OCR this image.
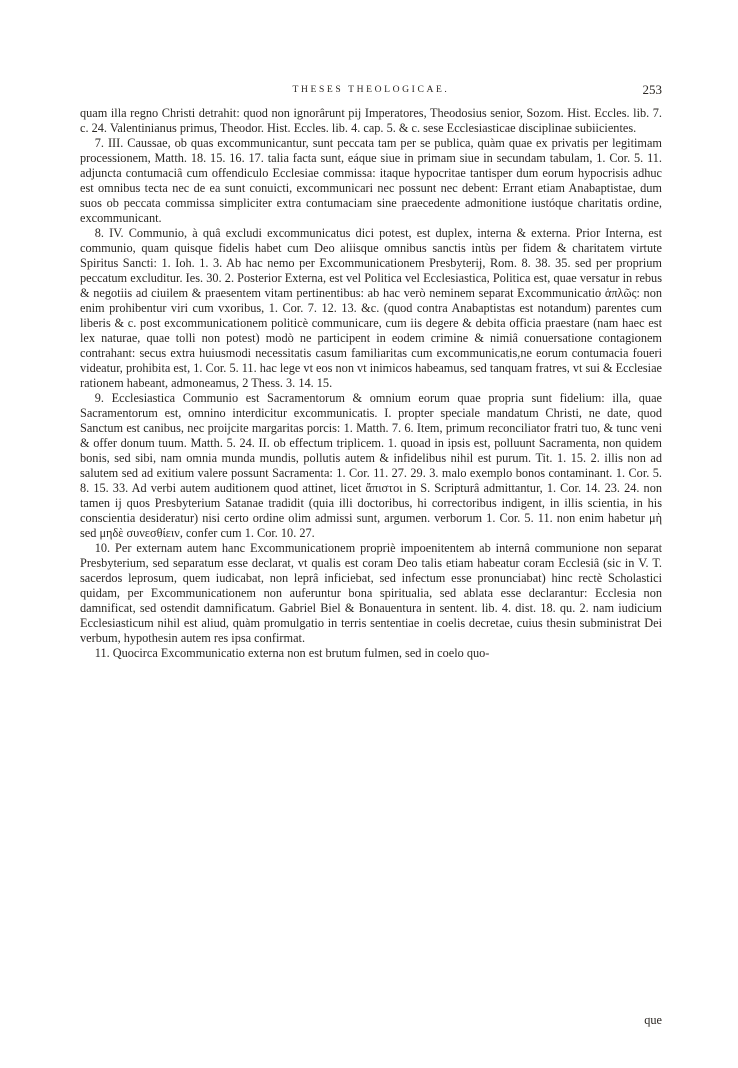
THESES THEOLOGICAE.	253

quam illa regno Christi detrahit: quod non ignorârunt pij Imperatores, Theodosius senior, Sozom. Hist. Eccles. lib. 7. c. 24. Valentinianus primus, Theodor. Hist. Eccles. lib. 4. cap. 5. & c. sese Ecclesiasticae disciplinae subiicientes.

7. III. Caussae, ob quas excommunicantur, sunt peccata tam per se publica, quàm quae ex privatis per legitimam processionem, Matth. 18. 15. 16. 17. talia facta sunt, eáque siue in primam siue in secundam tabulam, 1. Cor. 5. 11. adjuncta contumaciâ cum offendiculo Ecclesiae commissa: itaque hypocritae tantisper dum eorum hypocrisis adhuc est omnibus tecta nec de ea sunt conuicti, excommunicari nec possunt nec debent: Errant etiam Anabaptistae, dum suos ob peccata commissa simpliciter extra contumaciam sine praecedente admonitione iustóque charitatis ordine, excommunicant.

8. IV. Communio, à quâ excludi excommunicatus dici potest, est duplex, interna & externa. Prior Interna, est communio, quam quisque fidelis habet cum Deo aliisque omnibus sanctis intùs per fidem & charitatem virtute Spiritus Sancti: 1. Ioh. 1. 3. Ab hac nemo per Excommunicationem Presbyterij, Rom. 8. 38. 35. sed per proprium peccatum excluditur. Ies. 30. 2. Posterior Externa, est vel Politica vel Ecclesiastica, Politica est, quae versatur in rebus & negotiis ad ciuilem & praesentem vitam pertinentibus: ab hac verò neminem separat Excommunicatio ἁπλῶς: non enim prohibentur viri cum vxoribus, 1. Cor. 7. 12. 13. &c. (quod contra Anabaptistas est notandum) parentes cum liberis & c. post excommunicationem politicè communicare, cum iis degere & debita officia praestare (nam haec est lex naturae, quae tolli non potest) modò ne participent in eodem crimine & nimiâ conuersatione contagionem contrahant: secus extra huiusmodi necessitatis casum familiaritas cum excommunicatis,ne eorum contumacia foueri videatur, prohibita est, 1. Cor. 5. 11. hac lege vt eos non vt inimicos habeamus, sed tanquam fratres, vt sui & Ecclesiae rationem habeant, admoneamus, 2 Thess. 3. 14. 15.

9. Ecclesiastica Communio est Sacramentorum & omnium eorum quae propria sunt fidelium: illa, quae Sacramentorum est, omnino interdicitur excommunicatis. I. propter speciale mandatum Christi, ne date, quod Sanctum est canibus, nec proijcite margaritas porcis: 1. Matth. 7. 6. Item, primum reconciliator fratri tuo, & tunc veni & offer donum tuum. Matth. 5. 24. II. ob effectum triplicem. 1. quoad in ipsis est, polluunt Sacramenta, non quidem bonis, sed sibi, nam omnia munda mundis, pollutis autem & infidelibus nihil est purum. Tit. 1. 15. 2. illis non ad salutem sed ad exitium valere possunt Sacramenta: 1. Cor. 11. 27. 29. 3. malo exemplo bonos contaminant. 1. Cor. 5. 8. 15. 33. Ad verbi autem auditionem quod attinet, licet ἄπιστοι in S. Scripturâ admittantur, 1. Cor. 14. 23. 24. non tamen ij quos Presbyterium Satanae tradidit (quia illi doctoribus, hi correctoribus indigent, in illis scientia, in his conscientia desideratur) nisi certo ordine olim admissi sunt, argumen. verborum 1. Cor. 5. 11. non enim habetur μὴ sed μηδὲ συνεσθίειν, confer cum 1. Cor. 10. 27.

10. Per externam autem hanc Excommunicationem propriè impoenitentem ab internâ communione non separat Presbyterium, sed separatum esse declarat, vt qualis est coram Deo talis etiam habeatur coram Ecclesiâ (sic in V. T. sacerdos leprosum, quem iudicabat, non leprâ inficiebat, sed infectum esse pronunciabat) hinc rectè Scholastici quidam, per Excommunicationem non auferuntur bona spiritualia, sed ablata esse declarantur: Ecclesia non damnificat, sed ostendit damnificatum. Gabriel Biel & Bonauentura in sentent. lib. 4. dist. 18. qu. 2. nam iudicium Ecclesiasticum nihil est aliud, quàm promulgatio in terris sententiae in coelis decretae, cuius thesin subministrat Dei verbum, hypothesin autem res ipsa confirmat.

11. Quocirca Excommunicatio externa non est brutum fulmen, sed in coelo quo-

que
